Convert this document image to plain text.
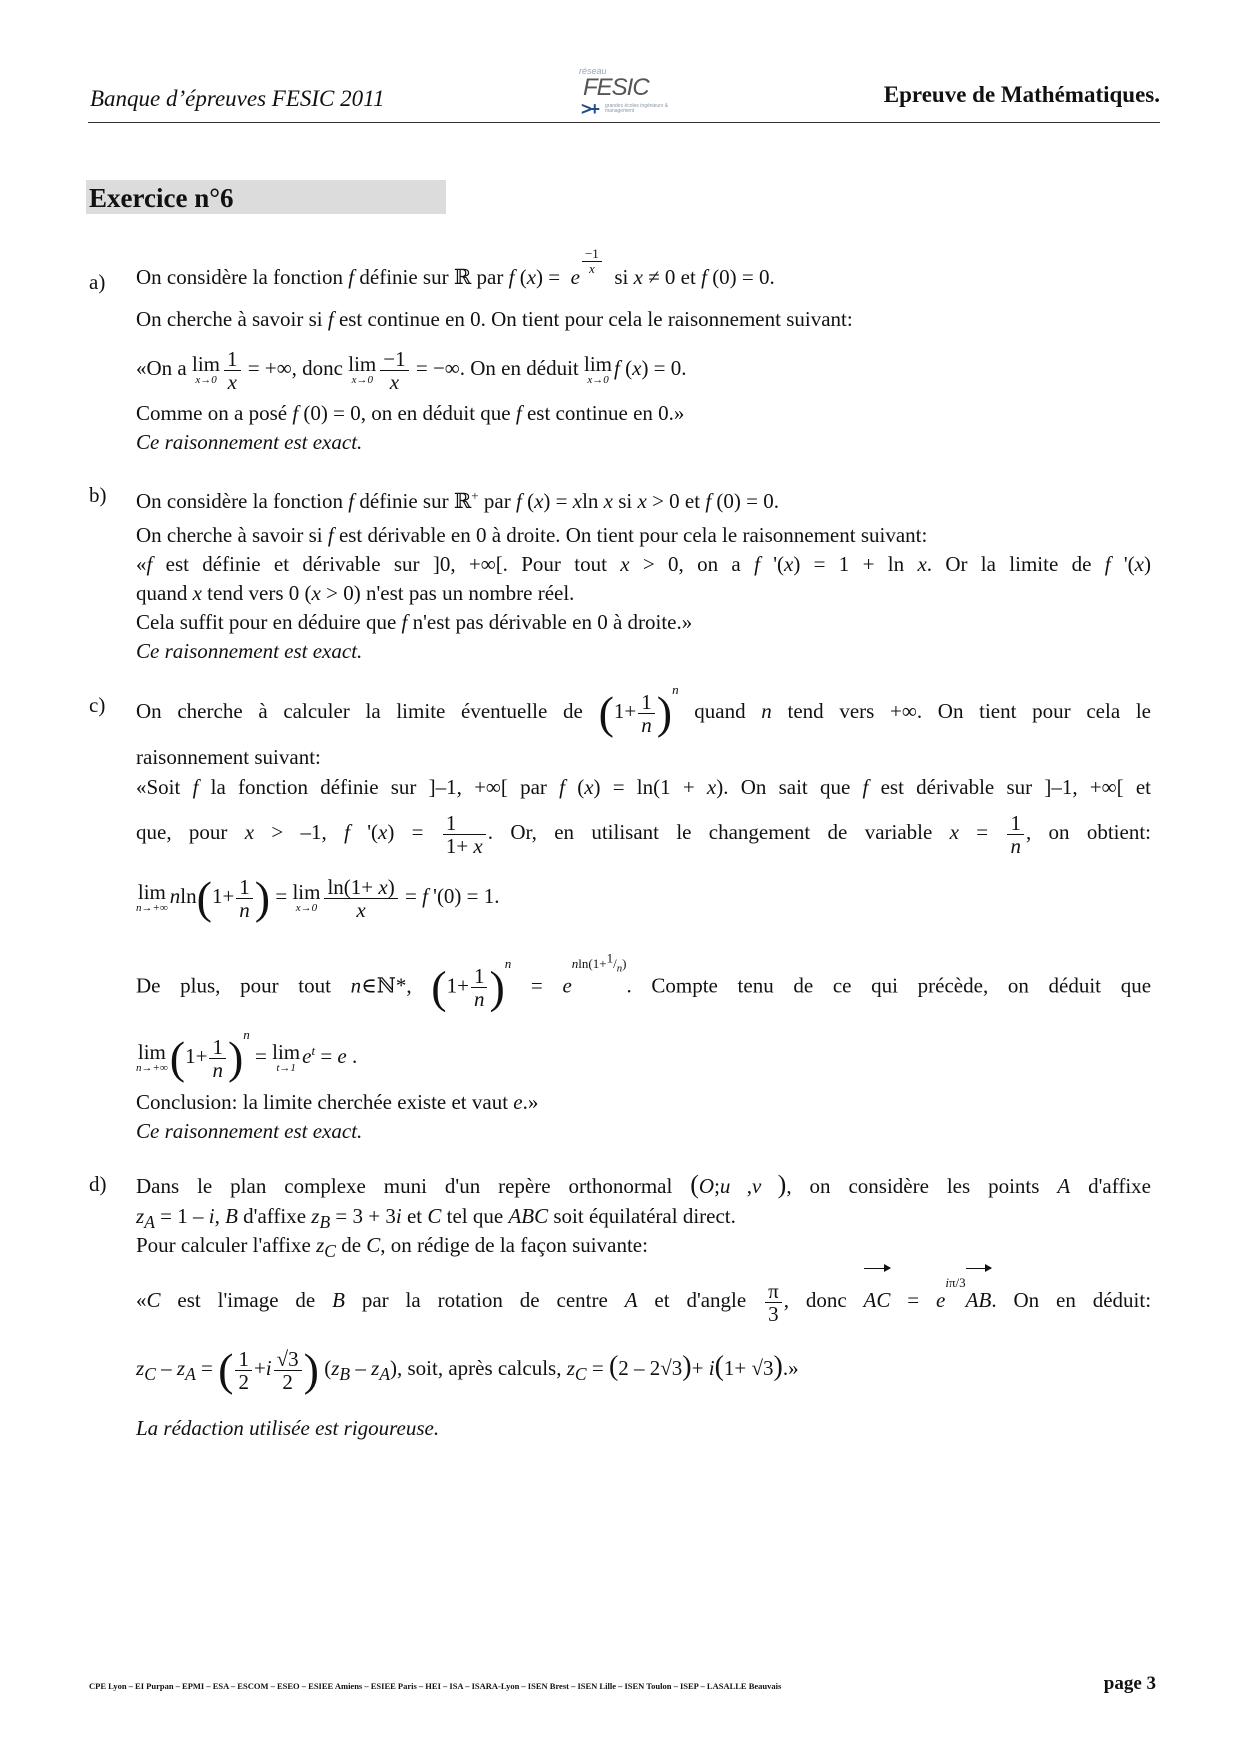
Banque d’épreuves FESIC 2011
réseau
FESIC
>+ grandes écoles ingénieurs & management
Epreuve de Mathématiques.
Exercice n°6
a) On considère la fonction f définie sur ℝ par f (x) =  e
$^{\frac{-1}{x}}$
si x ≠ 0 et f (0) = 0.
On cherche à savoir si f est continue en 0. On tient pour cela le raisonnement suivant:
«On a lim
$x\to 0 \frac{1}{x}$ = +∞, donc lim
$x\to 0 \frac{-1}{x}$ = −∞. On en déduit lim
x→0
f (x) = 0.
Comme on a posé f (0) = 0, on en déduit que f est continue en 0.»
Ce raisonnement est exact.
b) On considère la fonction f définie sur ℝ+ par f (x) = xln x si x > 0 et f (0) = 0.
On cherche à savoir si f est dérivable en 0 à droite. On tient pour cela le raisonnement suivant:
«f est définie et dérivable sur ]0, +∞[. Pour tout x > 0, on a f '(x) = 1 + ln x. Or la limite de f '(x)
quand x tend vers 0 (x > 0) n'est pas un nombre réel.
Cela suffit pour en déduire que f n'est pas dérivable en 0 à droite.»
Ce raisonnement est exact.
c) On cherche à calculer la limite éventuelle de $(1+ \frac{1}{n} )^n$ quand n tend vers +∞. On tient pour cela le
raisonnement suivant:
«Soit f la fonction définie sur ]–1, +∞[ par f (x) = ln(1 + x). On sait que f est dérivable sur ]–1, +∞[ et
que, pour x > –1, f '$(x) = \frac{1}{1+ x}$ . Or, en utilisant le changement de variable $x = \frac{1}{n}$ , on obtient:
lim
n→+∞
$nln(1+ \frac{1}{n}$ ) = lim
$x\to 0 \frac{\ln(1+ x)}{x} = f$ '(0) = 1.
De plus, pour tout n∈ℕ*, $(1+ \frac{1}{n} )^n = e^{nln(1+^1/_n)}$. Compte tenu de ce qui précède, on déduit que
lim
n→+∞ $(1+ \frac{1}{n} )^n = \lim$
t→1
$e^t = e$ .
Conclusion: la limite cherchée existe et vaut e.»
Ce raisonnement est exact.
d) Dans le plan complexe muni d'un repère orthonormal (O;u⃗,v⃗), on considère les points A d'affixe
$z_A = 1 - i$, B d'affixe $z_B = 3 + 3i$ et C tel que ABC soit équilatéral direct.
Pour calculer l'affixe $z_C$ de C, on rédige de la façon suivante:
«C est l'image de B par la rotation de centre A et d'angle $\frac{\pi}{3}$ , donc AC = $e^{i\pi/3}AB$. On en déduit:
$z_C - z_A$ = ( $\frac{1}{2} +i \frac{√3}{2}$ ) $(z_B - z_A)$, soit, après calculs, $z_C = (2 - 2√3)+ i(1+ √3)$.»
La rédaction utilisée est rigoureuse.
CPE Lyon – EI Purpan – EPMI – ESA – ESCOM – ESEO – ESIEE Amiens – ESIEE Paris – HEI – ISA – ISARA-Lyon – ISEN Brest – ISEN Lille – ISEN Toulon – ISEP – LASALLE Beauvais	page 3
